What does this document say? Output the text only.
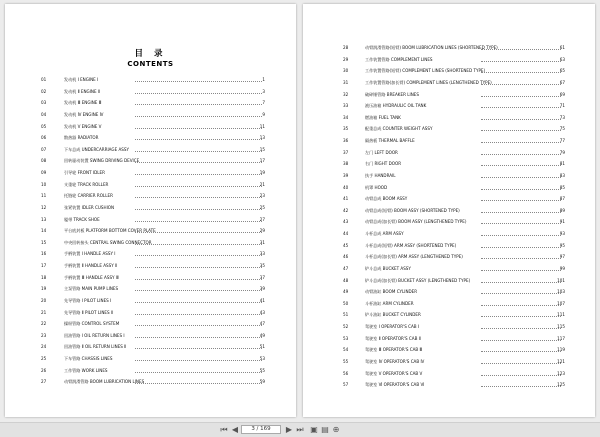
目 录
CONTENTS
01	发动机 Ⅰ ENGINE Ⅰ	1
02	发动机 Ⅱ ENGINE Ⅱ	3
03	发动机 Ⅲ ENGINE Ⅲ	7
04	发动机 Ⅳ ENGINE Ⅳ	9
05	发动机 Ⅴ ENGINE Ⅴ	11
06	散热器 RADIATOR	13
07	下车总成 UNDERCARRIAGE ASSY	15
08	回转驱动装置 SWING DRIVING DEVICE	17
09	引导轮 FRONT IDLER	19
10	支重轮 TRACK ROLLER	21
11	托链轮 CARRIER ROLLER	23
12	张紧装置 IDLER CUSHION	25
13	履带 TRACK SHOE	27
14	平台底封板 PLATFORM BOTTOM COVER PLATE	29
15	中央回转接头 CENTRAL SWING CONNECTOR	31
16	手柄装置 Ⅰ HANDLE ASSY Ⅰ	33
17	手柄装置 Ⅱ HANDLE ASSY Ⅱ	35
18	手柄装置 Ⅲ HANDLE ASSY Ⅲ	37
19	主泵管路 MAIN PUMP LINES	39
20	先导管路 Ⅰ PILOT LINES Ⅰ	41
21	先导管路 Ⅱ PILOT LINES Ⅱ	43
22	操纵管路 CONTROL SYSTEM	47
23	回油管路 Ⅰ OIL RETURN LINES Ⅰ	49
24	回油管路 Ⅱ OIL RETURN LINES Ⅱ	51
25	下车管路 CHASSIS LINES	53
26	工作管路 WORK LINES	55
27	动臂润滑管路 BOOM LUBRICATION LINES	59
28	动臂润滑管路(短臂) BOOM LUBRICATION LINES (SHORTENED TYPE)	61
29	工作装置管路 COMPLEMENT LINES	63
30	工作装置管路(短臂) COMPLEMENT LINES (SHORTENED TYPE)	65
31	工作装置管路(加长臂) COMPLEMENT LINES (LENGTHENED TYPE)	67
32	破碎锤管路 BREAKER LINES	69
33	液压油箱 HYDRAULIC OIL TANK	71
34	燃油箱 FUEL TANK	73
35	配重总成 COUNTER WEIGHT ASSY	75
36	隔热板 THERMAL BAFFLE	77
37	左门 LEFT DOOR	79
38	右门 RIGHT DOOR	81
39	扶手 HANDRAIL	83
40	机罩 HOOD	85
41	动臂总成 BOOM ASSY	87
42	动臂总成(短臂) BOOM ASSY (SHORTENED TYPE)	89
43	动臂总成(加长臂) BOOM ASSY (LENGTHENED TYPE)	91
44	斗杆总成 ARM ASSY	93
45	斗杆总成(短臂) ARM ASSY (SHORTENED TYPE)	95
46	斗杆总成(加长臂) ARM ASSY (LENGTHENED TYPE)	97
47	铲斗总成 BUCKET ASSY	99
48	铲斗总成(加长臂) BUCKET ASSY (LENGTHENED TYPE)	101
49	动臂油缸 BOOM CYLINDER	103
50	斗杆油缸 ARM CYLINDER	107
51	铲斗油缸 BUCKET CYLINDER	111
52	驾驶室 Ⅰ OPERATOR'S CAB Ⅰ	115
53	驾驶室 Ⅱ OPERATOR'S CAB Ⅱ	117
54	驾驶室 Ⅲ OPERATOR'S CAB Ⅲ	119
55	驾驶室 Ⅳ OPERATOR'S CAB Ⅳ	121
56	驾驶室 Ⅴ OPERATOR'S CAB Ⅴ	123
57	驾驶室 Ⅵ OPERATOR'S CAB Ⅵ	125
⏮ ◀	3 / 169	▶ ⏭ ▣ ▤ ⊕
